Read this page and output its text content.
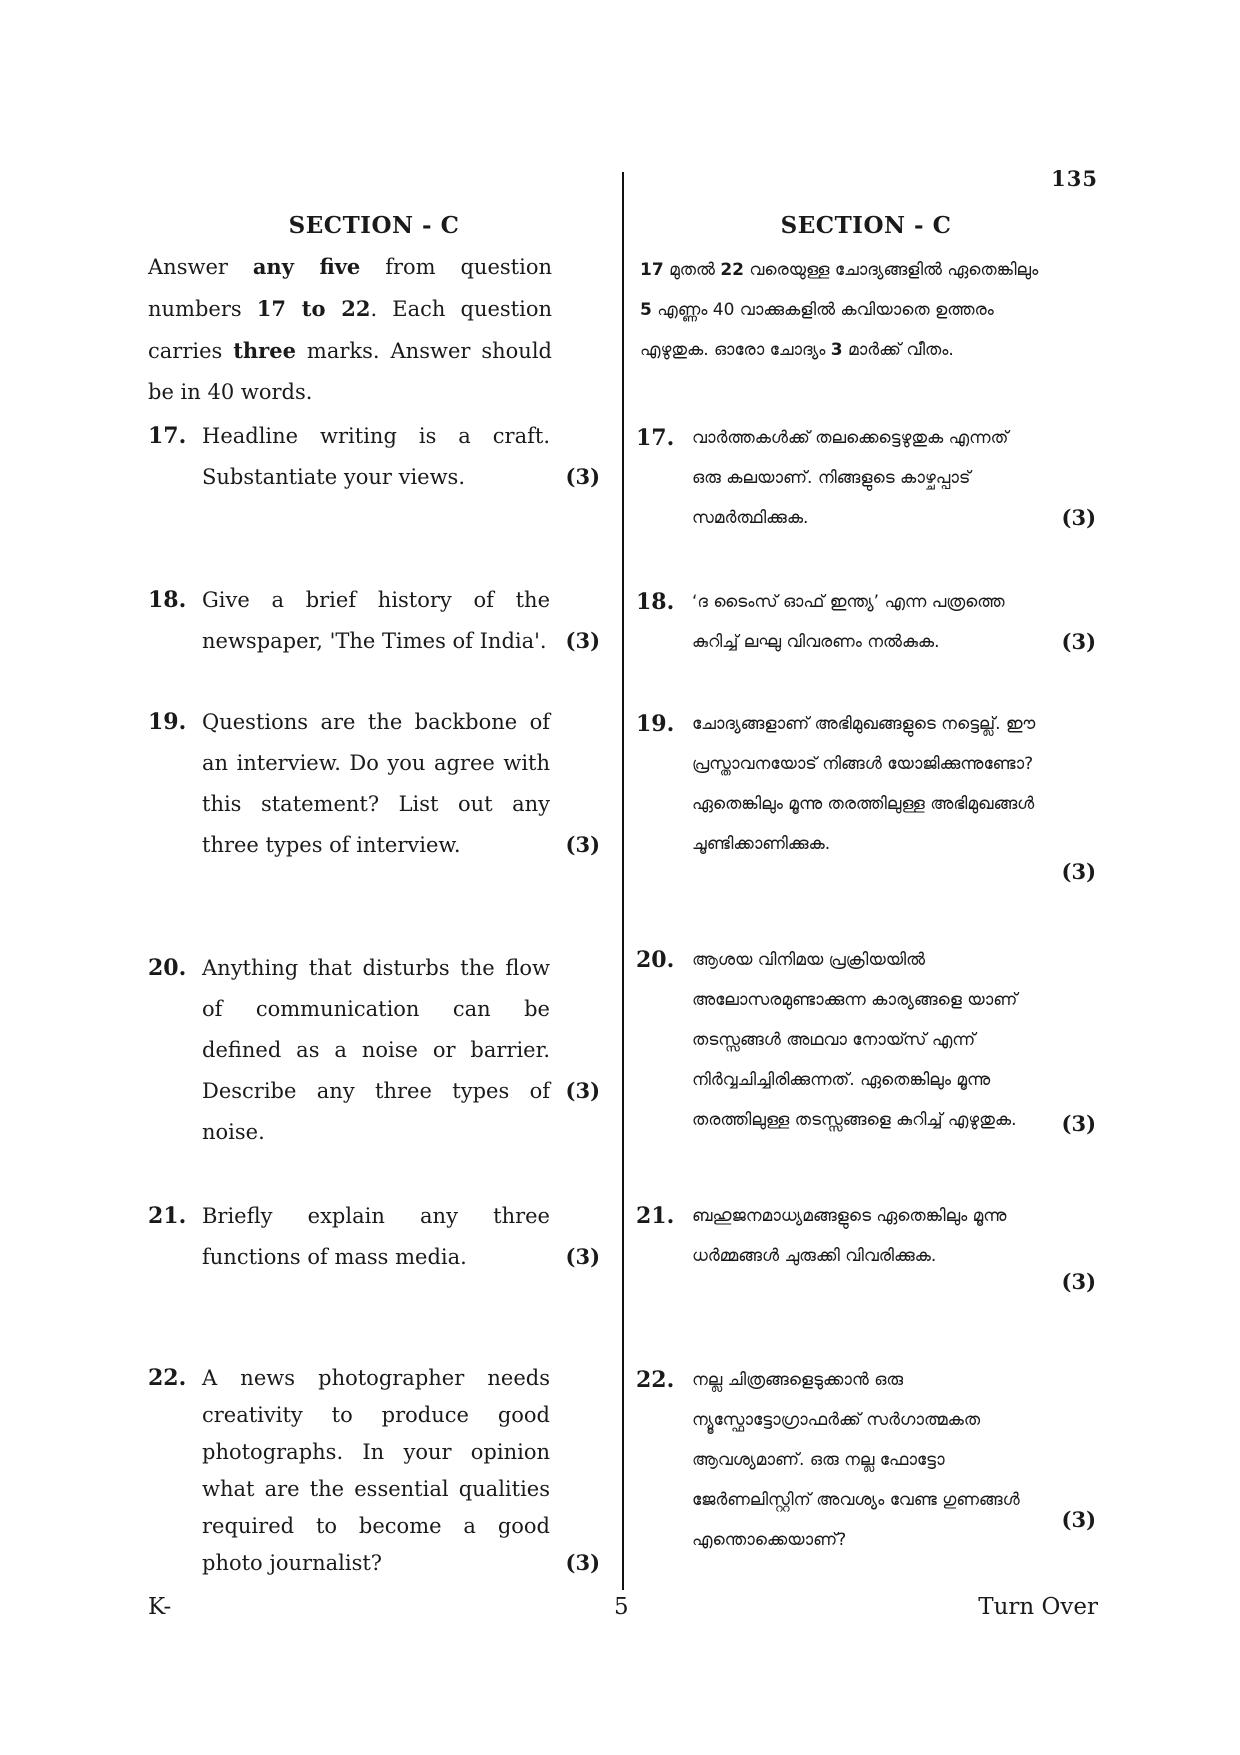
135
SECTION - C
Answer any five from question numbers 17 to 22. Each question carries three marks. Answer should be in 40 words.
17. Headline writing is a craft. Substantiate your views.	(3)
18. Give a brief history of the newspaper, 'The Times of India'. (3)
19. Questions are the backbone of an interview. Do you agree with this statement? List out any three types of interview.	(3)
20. Anything that disturbs the flow of communication can be defined as a noise or barrier. Describe any three types of noise.
(3)
21. Briefly explain any three functions of mass media.	(3)
22. A news photographer needs creativity to produce good photographs. In your opinion what are the essential qualities required to become a good photo journalist?	(3)
SECTION - C
17 മുതൽ 22 വരെയുള്ള ചോദ്യങ്ങളിൽ ഏതെങ്കിലും 5 എണ്ണം 40 വാക്കുകളിൽ കവിയാതെ ഉത്തരം എഴുതുക. ഓരോ ചോദ്യം 3 മാർക്ക് വീതം.
17. വാർത്തകൾക്ക് തലക്കെട്ടെഴുതുക എന്നത് ഒരു കലയാണ്. നിങ്ങളുടെ കാഴ്ചപ്പാട് സമർത്ഥിക്കുക.	(3)
18. ‘ദ ടൈംസ് ഓഫ് ഇന്ത്യ’ എന്ന പത്രത്തെ കുറിച്ച് ലഘു വിവരണം നൽകുക.	(3)
19. ചോദ്യങ്ങളാണ് അഭിമുഖങ്ങളുടെ നട്ടെല്ല്. ഈ പ്രസ്താവനയോട് നിങ്ങൾ യോജിക്കുന്നുണ്ടോ? ഏതെങ്കിലും മൂന്നു തരത്തിലുള്ള അഭിമുഖങ്ങൾ ചൂണ്ടിക്കാണിക്കുക.
(3)
20. ആശയ വിനിമയ പ്രക്രിയയിൽ അലോസരമുണ്ടാക്കുന്ന കാര്യങ്ങളെ യാണ് തടസ്സങ്ങൾ അഥവാ നോയ്സ് എന്ന് നിർവ്വചിച്ചിരിക്കുന്നത്. ഏതെങ്കിലും മൂന്നു തരത്തിലുള്ള തടസ്സങ്ങളെ കുറിച്ച് എഴുതുക.	(3)
21. ബഹുജനമാധ്യമങ്ങളുടെ ഏതെങ്കിലും മൂന്നു ധർമ്മങ്ങൾ ചുരുക്കി വിവരിക്കുക.
(3)
22. നല്ല ചിത്രങ്ങളെടുക്കാൻ ഒരു ന്യൂസ്ഫോട്ടോഗ്രാഫർക്ക് സർഗാത്മകത ആവശ്യമാണ്. ഒരു നല്ല ഫോട്ടോ ജേർണലിസ്റ്റിന് അവശ്യം വേണ്ട ഗുണങ്ങൾ എന്തൊക്കെയാണ്?
(3)
K-	5	Turn Over
